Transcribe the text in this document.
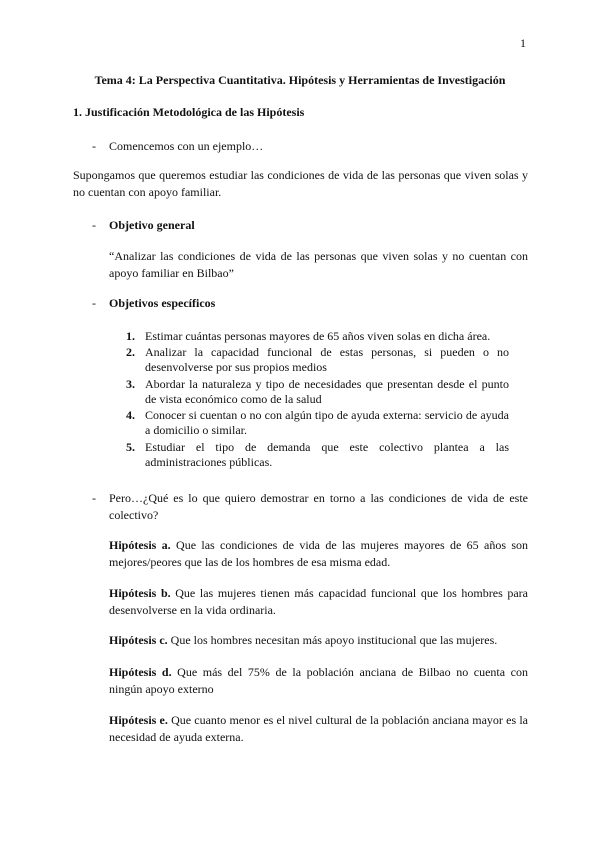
1
Tema 4: La Perspectiva Cuantitativa. Hipótesis y Herramientas de Investigación
1. Justificación Metodológica de las Hipótesis
- Comencemos con un ejemplo…
Supongamos que queremos estudiar las condiciones de vida de las personas que viven solas y no cuentan con apoyo familiar.
- Objetivo general
“Analizar las condiciones de vida de las personas que viven solas y no cuentan con apoyo familiar en Bilbao”
- Objetivos específicos
1. Estimar cuántas personas mayores de 65 años viven solas en dicha área.
2. Analizar la capacidad funcional de estas personas, si pueden o no desenvolverse por sus propios medios
3. Abordar la naturaleza y tipo de necesidades que presentan desde el punto de vista económico como de la salud
4. Conocer si cuentan o no con algún tipo de ayuda externa: servicio de ayuda a domicilio o similar.
5. Estudiar el tipo de demanda que este colectivo plantea a las administraciones públicas.
- Pero…¿Qué es lo que quiero demostrar en torno a las condiciones de vida de este colectivo?
Hipótesis a. Que las condiciones de vida de las mujeres mayores de 65 años son mejores/peores que las de los hombres de esa misma edad.
Hipótesis b. Que las mujeres tienen más capacidad funcional que los hombres para desenvolverse en la vida ordinaria.
Hipótesis c. Que los hombres necesitan más apoyo institucional que las mujeres.
Hipótesis d. Que más del 75% de la población anciana de Bilbao no cuenta con ningún apoyo externo
Hipótesis e. Que cuanto menor es el nivel cultural de la población anciana mayor es la necesidad de ayuda externa.
